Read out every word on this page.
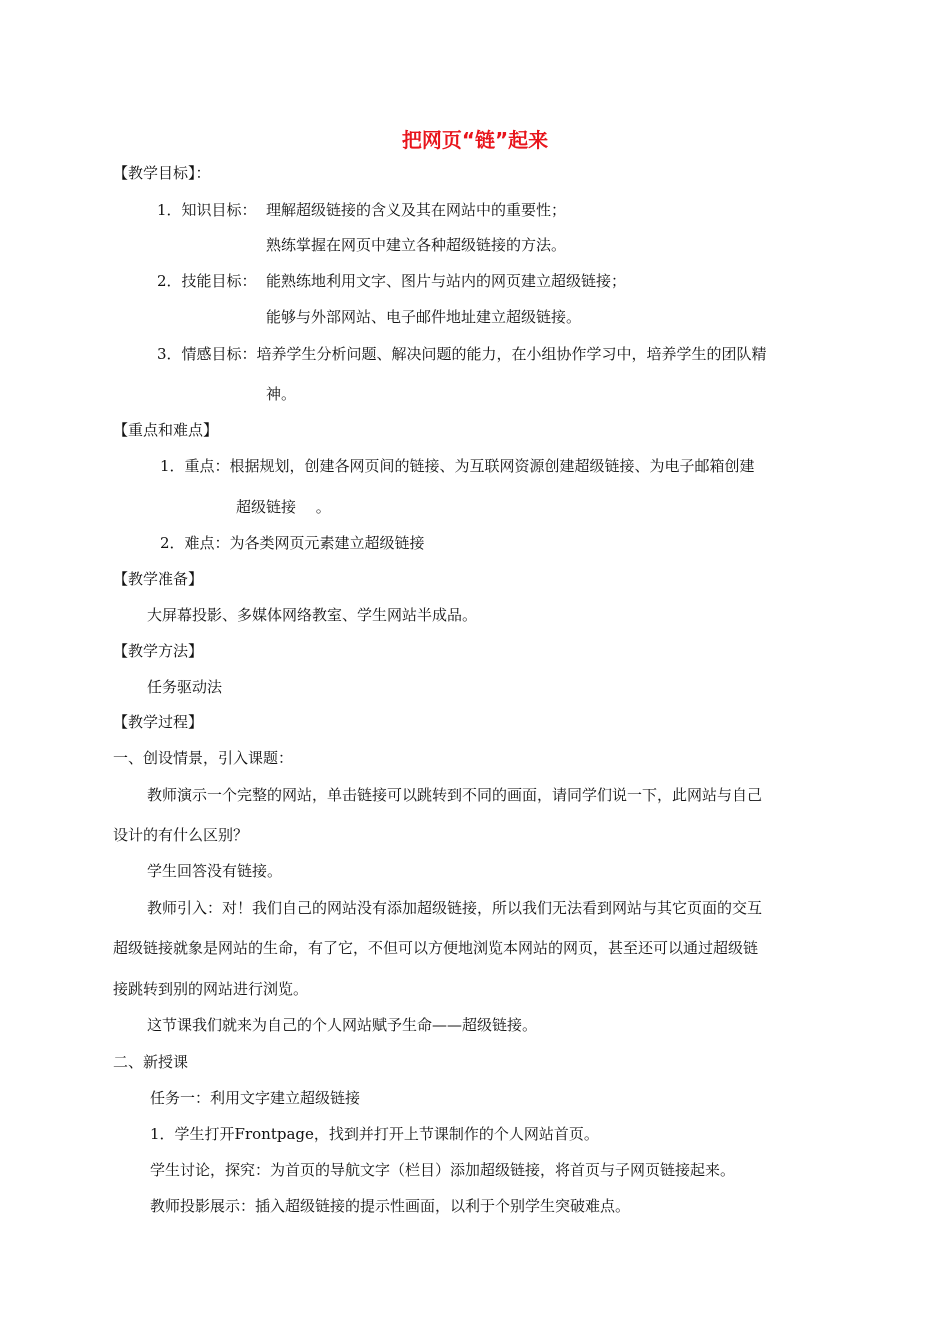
把网页“链”起来
【教学目标】：
1．知识目标： 理解超级链接的含义及其在网站中的重要性；
熟练掌握在网页中建立各种超级链接的方法。
2．技能目标： 能熟练地利用文字、图片与站内的网页建立超级链接；
能够与外部网站、电子邮件地址建立超级链接。
3．情感目标：培养学生分析问题、解决问题的能力，在小组协作学习中，培养学生的团队精
神。
【重点和难点】
1．重点：根据规划，创建各网页间的链接、为互联网资源创建超级链接、为电子邮箱创建
超级链接　 。
2．难点：为各类网页元素建立超级链接
【教学准备】
大屏幕投影、多媒体网络教室、学生网站半成品。
【教学方法】
任务驱动法
【教学过程】
一、创设情景，引入课题：
教师演示一个完整的网站，单击链接可以跳转到不同的画面，请同学们说一下，此网站与自己
设计的有什么区别？
学生回答没有链接。
教师引入：对！我们自己的网站没有添加超级链接，所以我们无法看到网站与其它页面的交互
超级链接就象是网站的生命，有了它，不但可以方便地浏览本网站的网页，甚至还可以通过超级链
接跳转到别的网站进行浏览。
这节课我们就来为自己的个人网站赋予生命——超级链接。
二、新授课
任务一：利用文字建立超级链接
1．学生打开Frontpage，找到并打开上节课制作的个人网站首页。
学生讨论，探究：为首页的导航文字（栏目）添加超级链接，将首页与子网页链接起来。
教师投影展示：插入超级链接的提示性画面，以利于个别学生突破难点。
